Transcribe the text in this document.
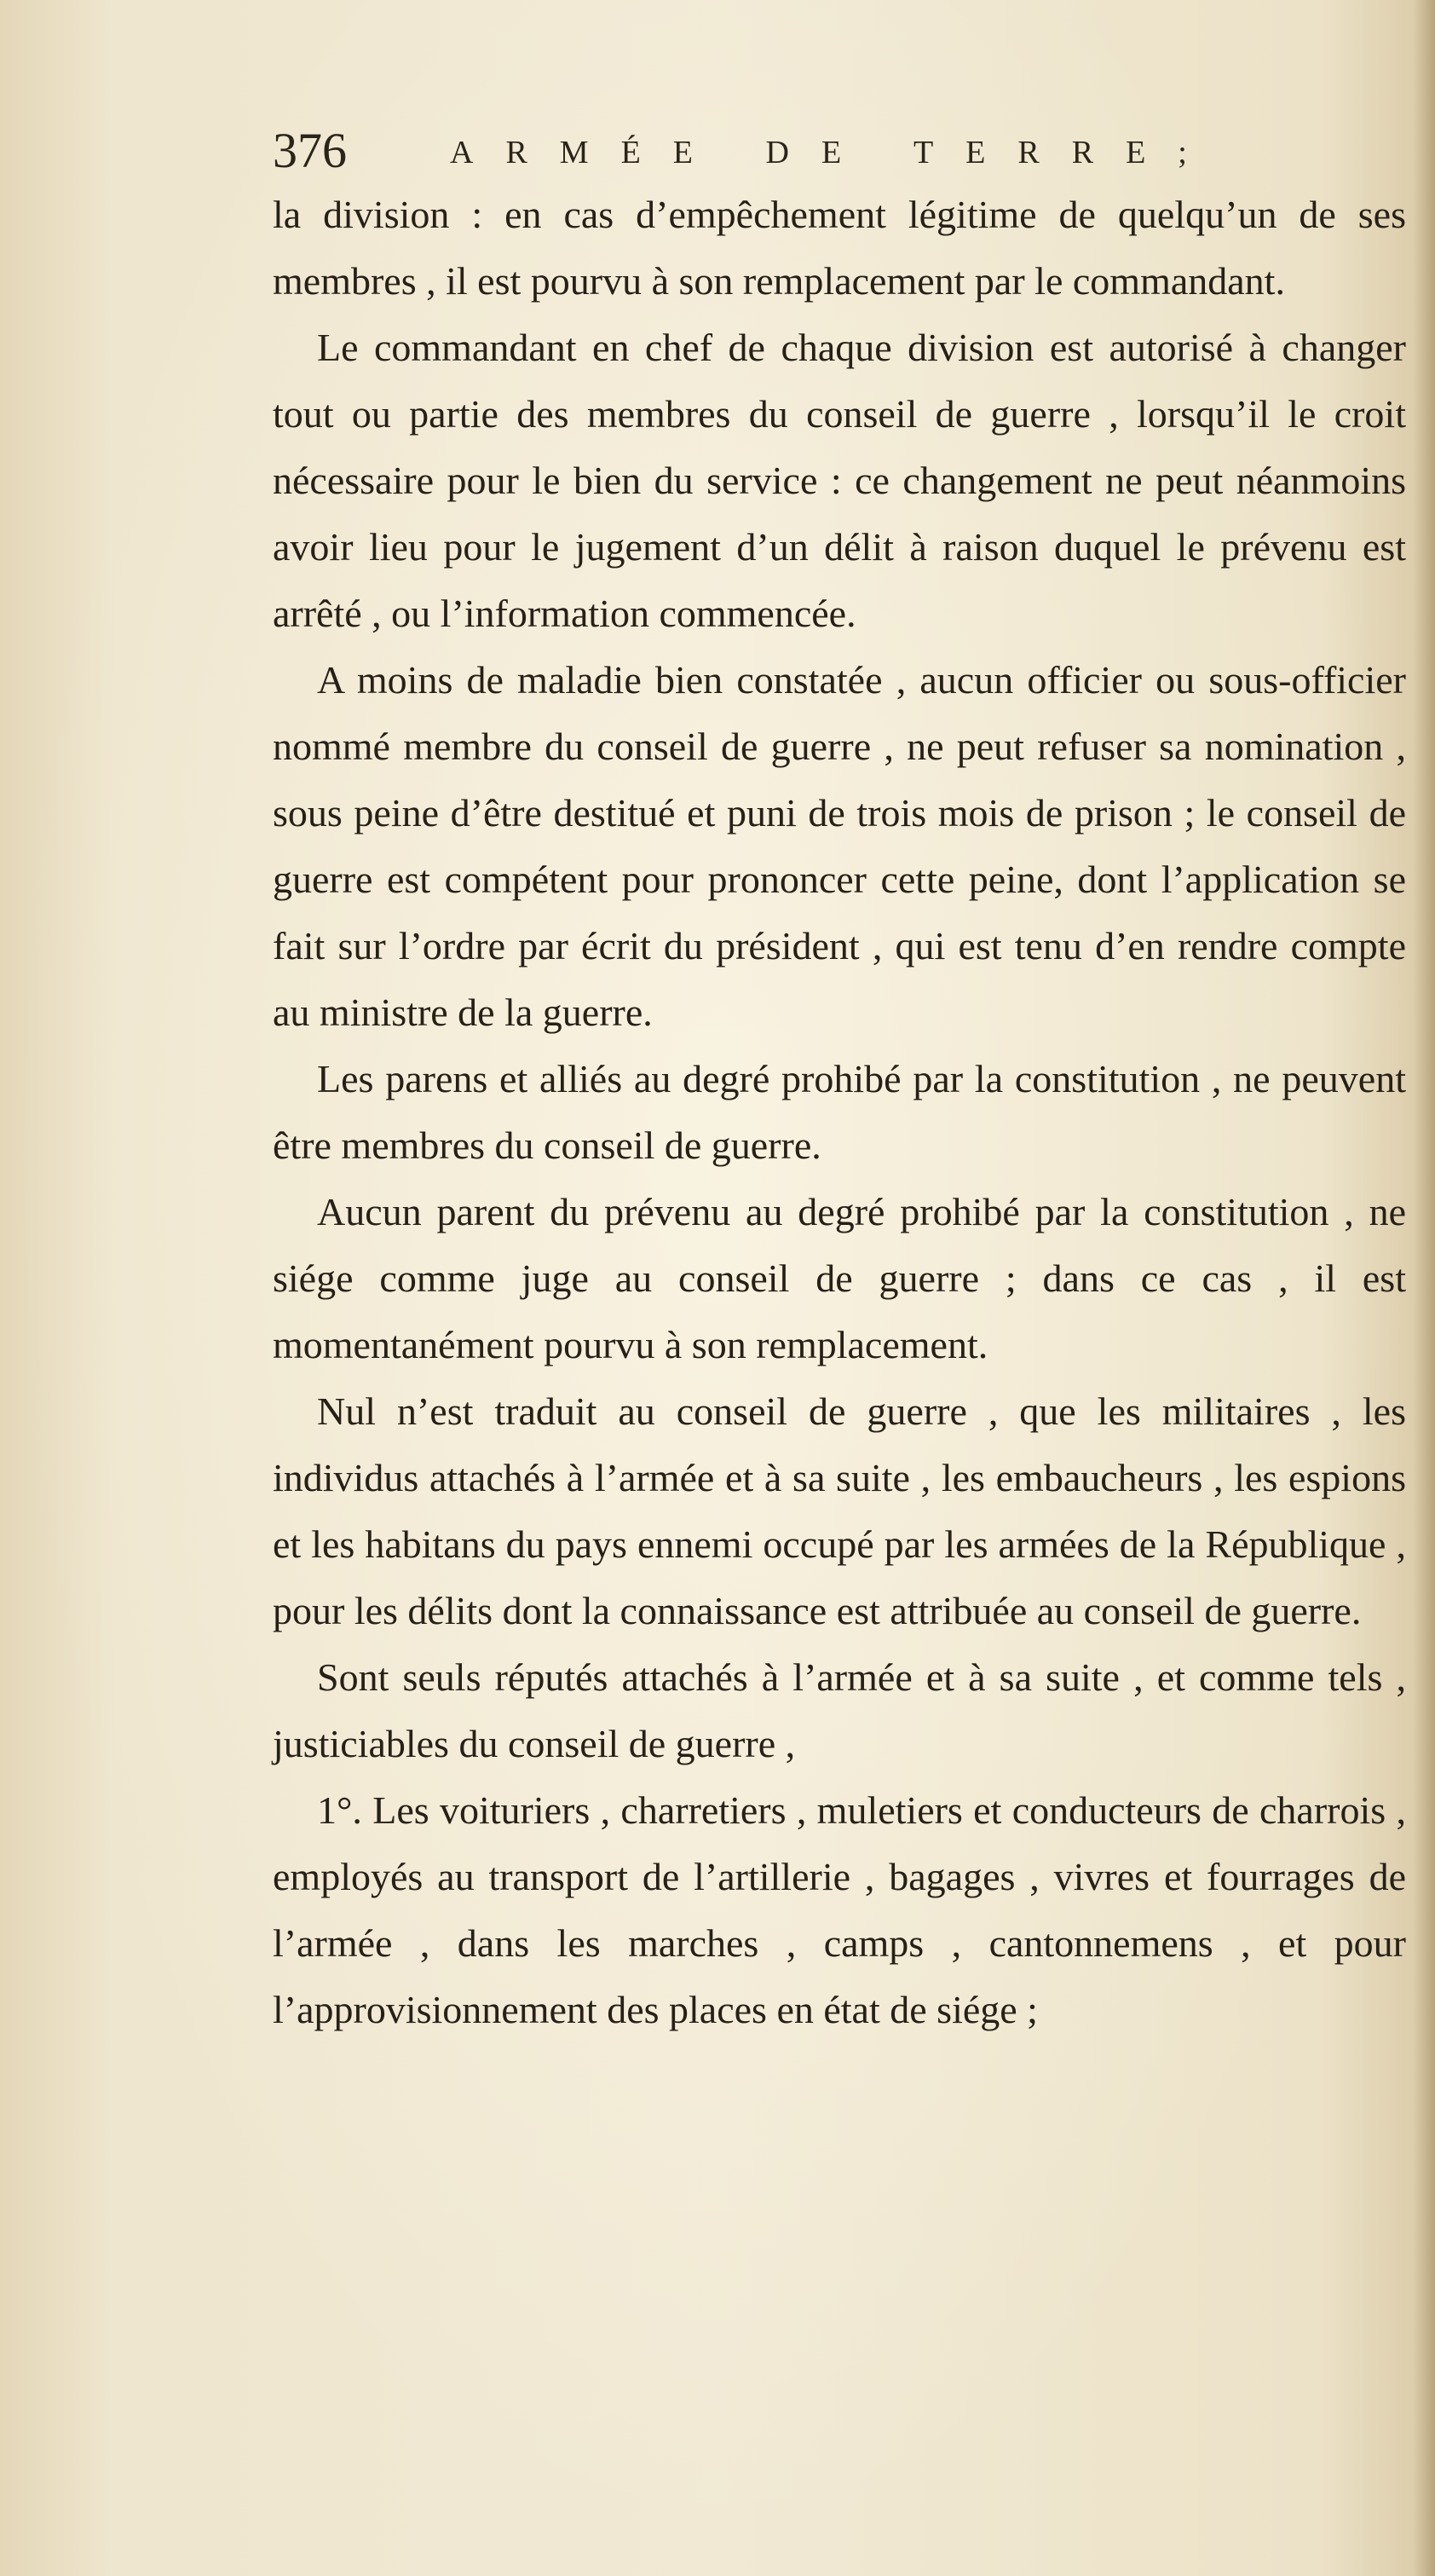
376	ARMÉE DE TERRE;

la division : en cas d’empêchement légitime de quelqu’un de ses membres , il est pourvu à son remplacement par le commandant.

Le commandant en chef de chaque division est autorisé à changer tout ou partie des membres du conseil de guerre , lorsqu’il le croit nécessaire pour le bien du service : ce changement ne peut néanmoins avoir lieu pour le jugement d’un délit à raison duquel le prévenu est arrêté , ou l’information commencée.

A moins de maladie bien constatée , aucun officier ou sous-officier nommé membre du conseil de guerre , ne peut refuser sa nomination , sous peine d’être destitué et puni de trois mois de prison ; le conseil de guerre est compétent pour prononcer cette peine, dont l’application se fait sur l’ordre par écrit du président , qui est tenu d’en rendre compte au ministre de la guerre.

Les parens et alliés au degré prohibé par la constitution , ne peuvent être membres du conseil de guerre.

Aucun parent du prévenu au degré prohibé par la constitution , ne siége comme juge au conseil de guerre ; dans ce cas , il est momentanément pourvu à son remplacement.

Nul n’est traduit au conseil de guerre , que les militaires , les individus attachés à l’armée et à sa suite , les embaucheurs , les espions et les habitans du pays ennemi occupé par les armées de la République , pour les délits dont la connaissance est attribuée au conseil de guerre.

Sont seuls réputés attachés à l’armée et à sa suite , et comme tels , justiciables du conseil de guerre ,

1°. Les voituriers , charretiers , muletiers et conducteurs de charrois , employés au transport de l’artillerie , bagages , vivres et fourrages de l’armée , dans les marches , camps , cantonnemens , et pour l’approvisionnement des places en état de siége ;
